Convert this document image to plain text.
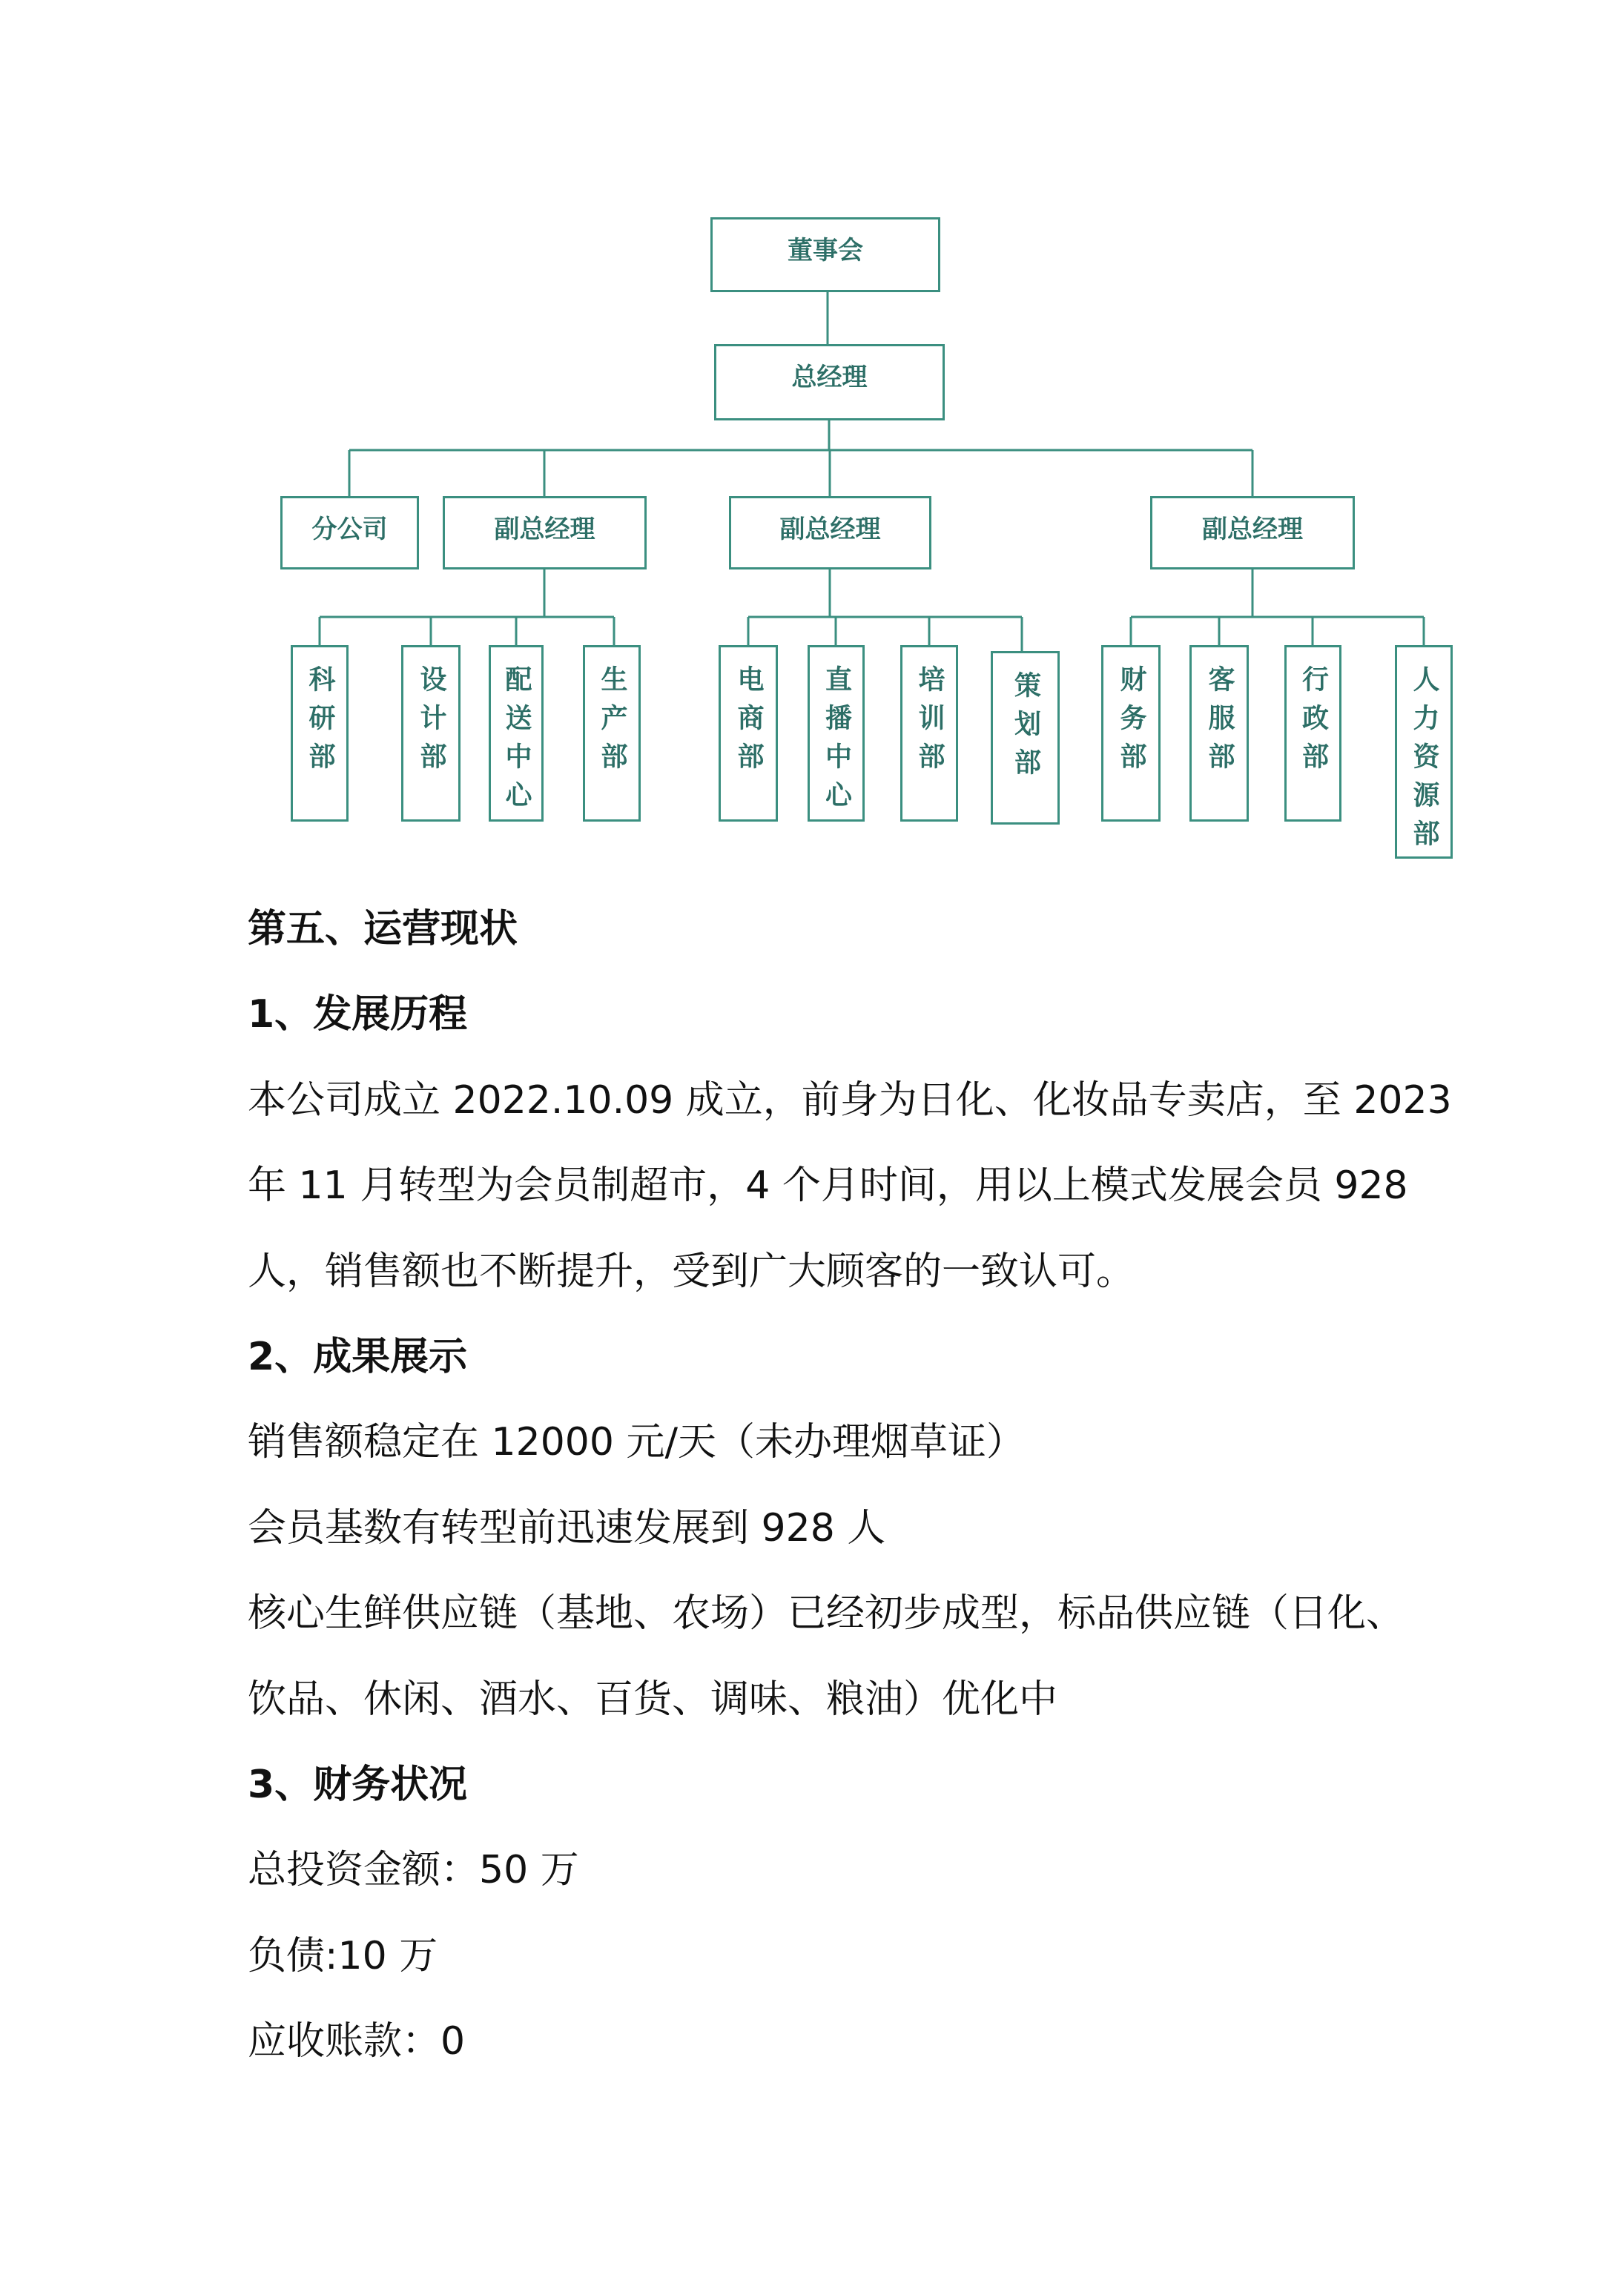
董事会
总经理
分公司	副总经理	副总经理	副总经理
科研部	设计部 配送中心 生产部	电商部 直播中心 培训部 策划部	财务部 客服部 行政部	人力资源部
第五、运营现状
1、发展历程
本公司成立 2022.10.09 成立，前身为日化、化妆品专卖店，至 2023
年 11 月转型为会员制超市，4 个月时间，用以上模式发展会员 928
人，销售额也不断提升，受到广大顾客的一致认可。
2、成果展示
销售额稳定在 12000 元/天（未办理烟草证）
会员基数有转型前迅速发展到 928 人
核心生鲜供应链（基地、农场）已经初步成型，标品供应链（日化、
饮品、休闲、酒水、百货、调味、粮油）优化中
3、财务状况
总投资金额：50 万
负债:10 万
应收账款：0
